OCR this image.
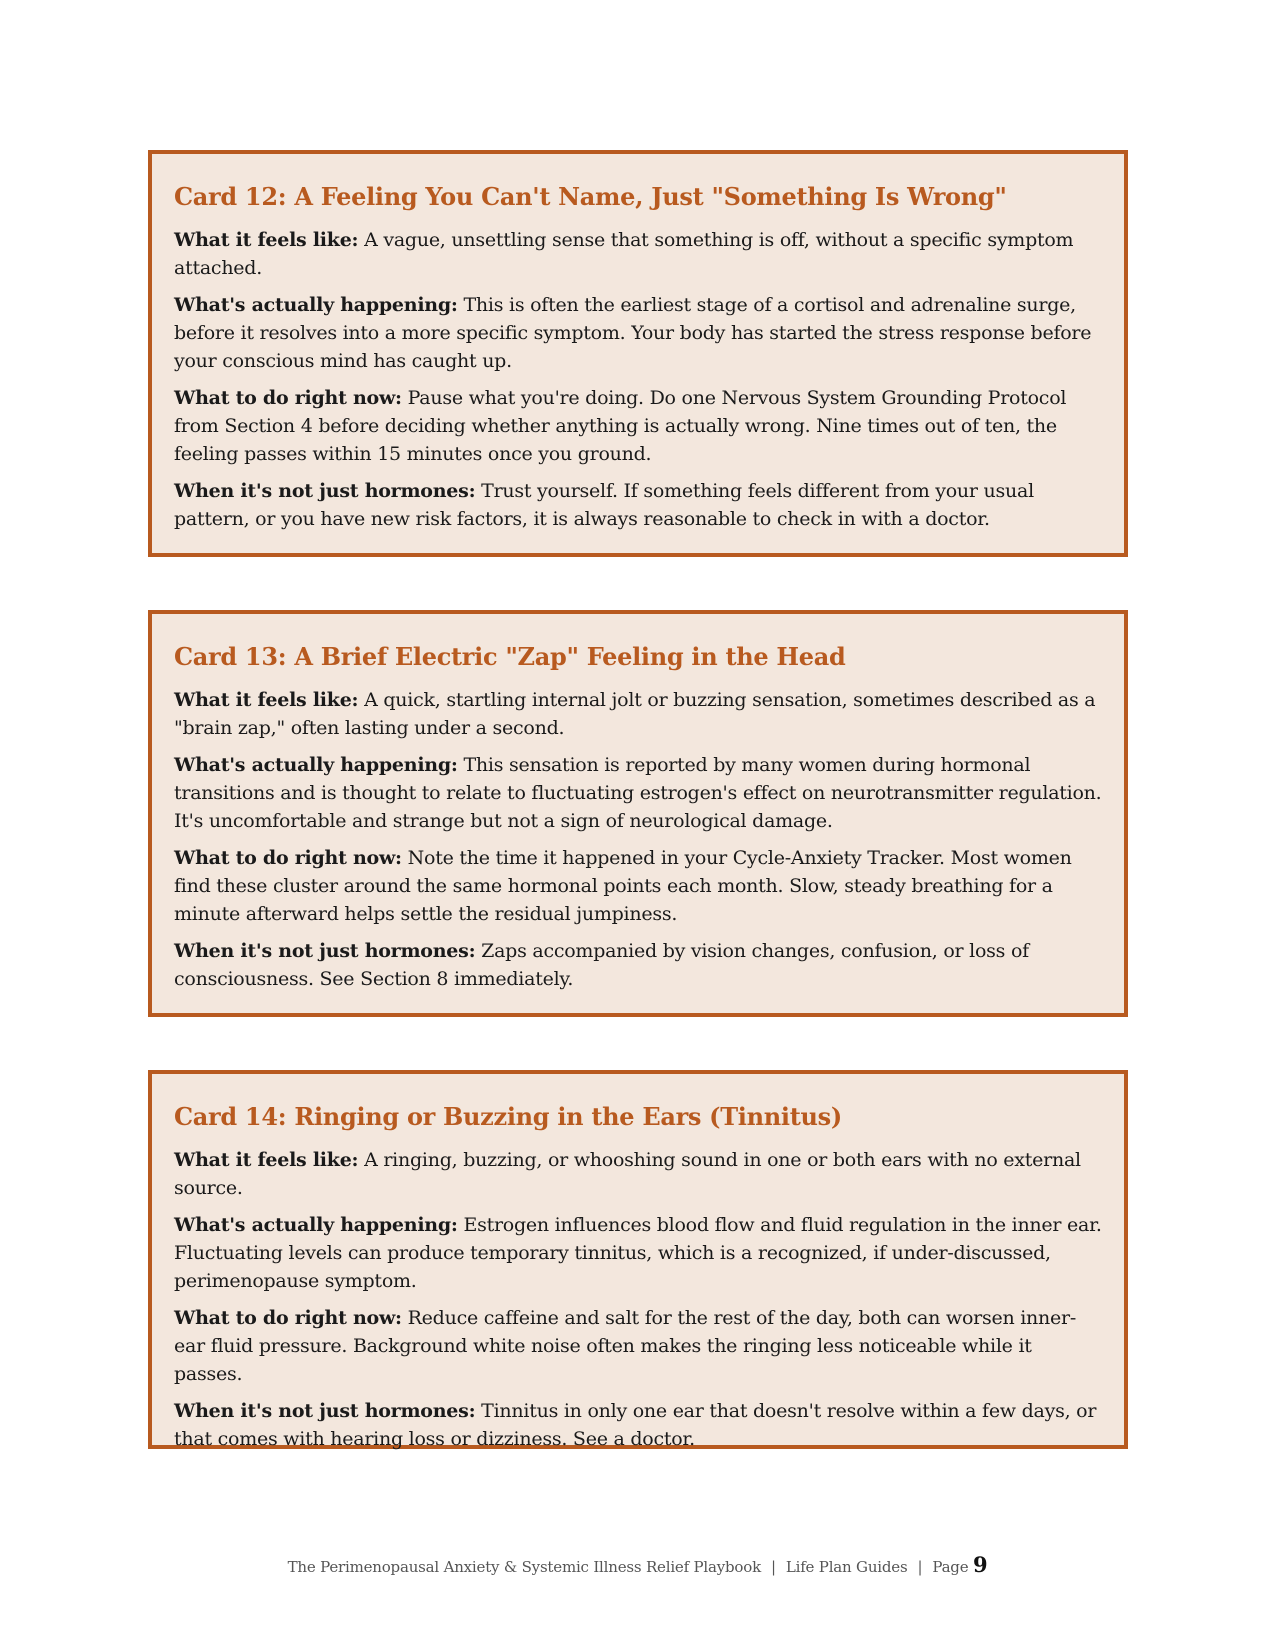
Card 12: A Feeling You Can't Name, Just "Something Is Wrong"

What it feels like: A vague, unsettling sense that something is off, without a specific symptom attached.

What's actually happening: This is often the earliest stage of a cortisol and adrenaline surge, before it resolves into a more specific symptom. Your body has started the stress response before your conscious mind has caught up.

What to do right now: Pause what you're doing. Do one Nervous System Grounding Protocol from Section 4 before deciding whether anything is actually wrong. Nine times out of ten, the feeling passes within 15 minutes once you ground.

When it's not just hormones: Trust yourself. If something feels different from your usual pattern, or you have new risk factors, it is always reasonable to check in with a doctor.

Card 13: A Brief Electric "Zap" Feeling in the Head

What it feels like: A quick, startling internal jolt or buzzing sensation, sometimes described as a "brain zap," often lasting under a second.

What's actually happening: This sensation is reported by many women during hormonal transitions and is thought to relate to fluctuating estrogen's effect on neurotransmitter regulation. It's uncomfortable and strange but not a sign of neurological damage.

What to do right now: Note the time it happened in your Cycle-Anxiety Tracker. Most women find these cluster around the same hormonal points each month. Slow, steady breathing for a minute afterward helps settle the residual jumpiness.

When it's not just hormones: Zaps accompanied by vision changes, confusion, or loss of consciousness. See Section 8 immediately.

Card 14: Ringing or Buzzing in the Ears (Tinnitus)

What it feels like: A ringing, buzzing, or whooshing sound in one or both ears with no external source.

What's actually happening: Estrogen influences blood flow and fluid regulation in the inner ear. Fluctuating levels can produce temporary tinnitus, which is a recognized, if under-discussed, perimenopause symptom.

What to do right now: Reduce caffeine and salt for the rest of the day, both can worsen inner-ear fluid pressure. Background white noise often makes the ringing less noticeable while it passes.

When it's not just hormones: Tinnitus in only one ear that doesn't resolve within a few days, or that comes with hearing loss or dizziness. See a doctor.

The Perimenopausal Anxiety & Systemic Illness Relief Playbook | Life Plan Guides | Page 9
